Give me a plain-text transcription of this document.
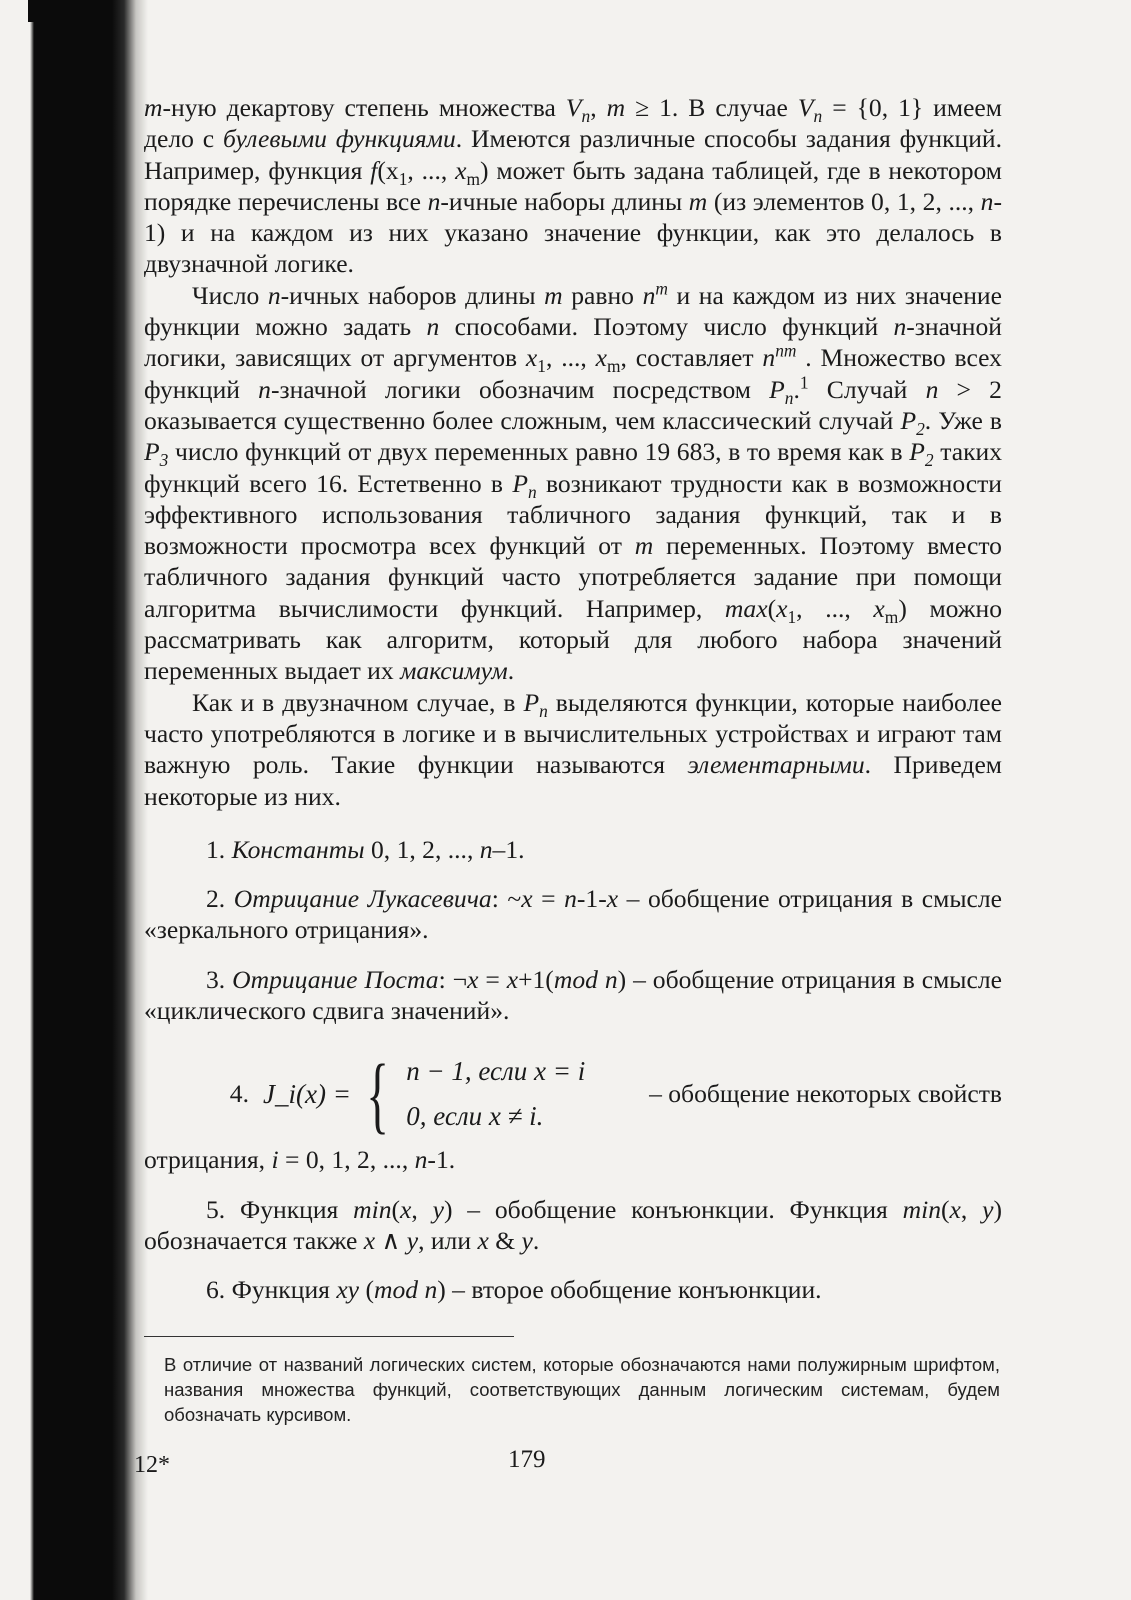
m-ную декартову степень множества $V_n$, m ≥ 1. В случае $V_n = \{0$, 1} имеем дело с булевыми функциями. Имеются различные способы задания функций. Например, функция $f(x_1$, ..., $x_m$) может быть задана таблицей, где в некотором порядке перечислены все n-ичные наборы длины m (из элементов 0, 1, 2, ..., n-1) и на каждом из них указано значение функции, как это делалось в двузначной логике.

Число n-ичных наборов длины m равно $n^m$ и на каждом из них значение функции можно задать n способами. Поэтому число функций n-значной логики, зависящих от аргументов $x_1$, ..., $x_m$, составляет $n^{nm}$ . Множество всех функций n-значной логики обозначим посредством $P_n.^1$ Случай n > 2 оказывается существенно более сложным, чем классический случай $P_2$. Уже в $P_3$ число функций от двух переменных равно 19 683, в то время как в $P_2$ таких функций всего 16. Естетвенно в $P_n$ возникают трудности как в возможности эффективного использования табличного задания функций, так и в возможности просмотра всех функций от m переменных. Поэтому вместо табличного задания функций часто употребляется задание при помощи алгоритма вычислимости функций. Например, $\max(x_1$, ..., $x_m$) можно рассматривать как алгоритм, который для любого набора значений переменных выдает их максимум.

Как и в двузначном случае, в $P_n$ выделяются функции, которые наиболее часто употребляются в логике и в вычислительных устройствах и играют там важную роль. Такие функции называются элементарными. Приведем некоторые из них.

1. Константы 0, 1, 2, ..., n–1.

2. Отрицание Лукасевича: ~x = n-1-x – обобщение отрицания в смысле «зеркального отрицания».

3. Отрицание Поста: ¬x = x+1(mod n) – обобщение отрицания в смысле «циклического сдвига значений».

4. J_i(x) = { n − 1, если x = i
0, если x ≠ i.
– обобщение некоторых свойств

отрицания, i = 0, 1, 2, ..., n-1.

5. Функция min(x, y) – обобщение конъюнкции. Функция min(x, y) обозначается также x ∧ y, или x & y.

6. Функция xy (mod n) – второе обобщение конъюнкции.

В отличие от названий логических систем, которые обозначаются нами полужирным шрифтом, названия множества функций, соответствующих данным логическим системам, будем обозначать курсивом.

12*	179
